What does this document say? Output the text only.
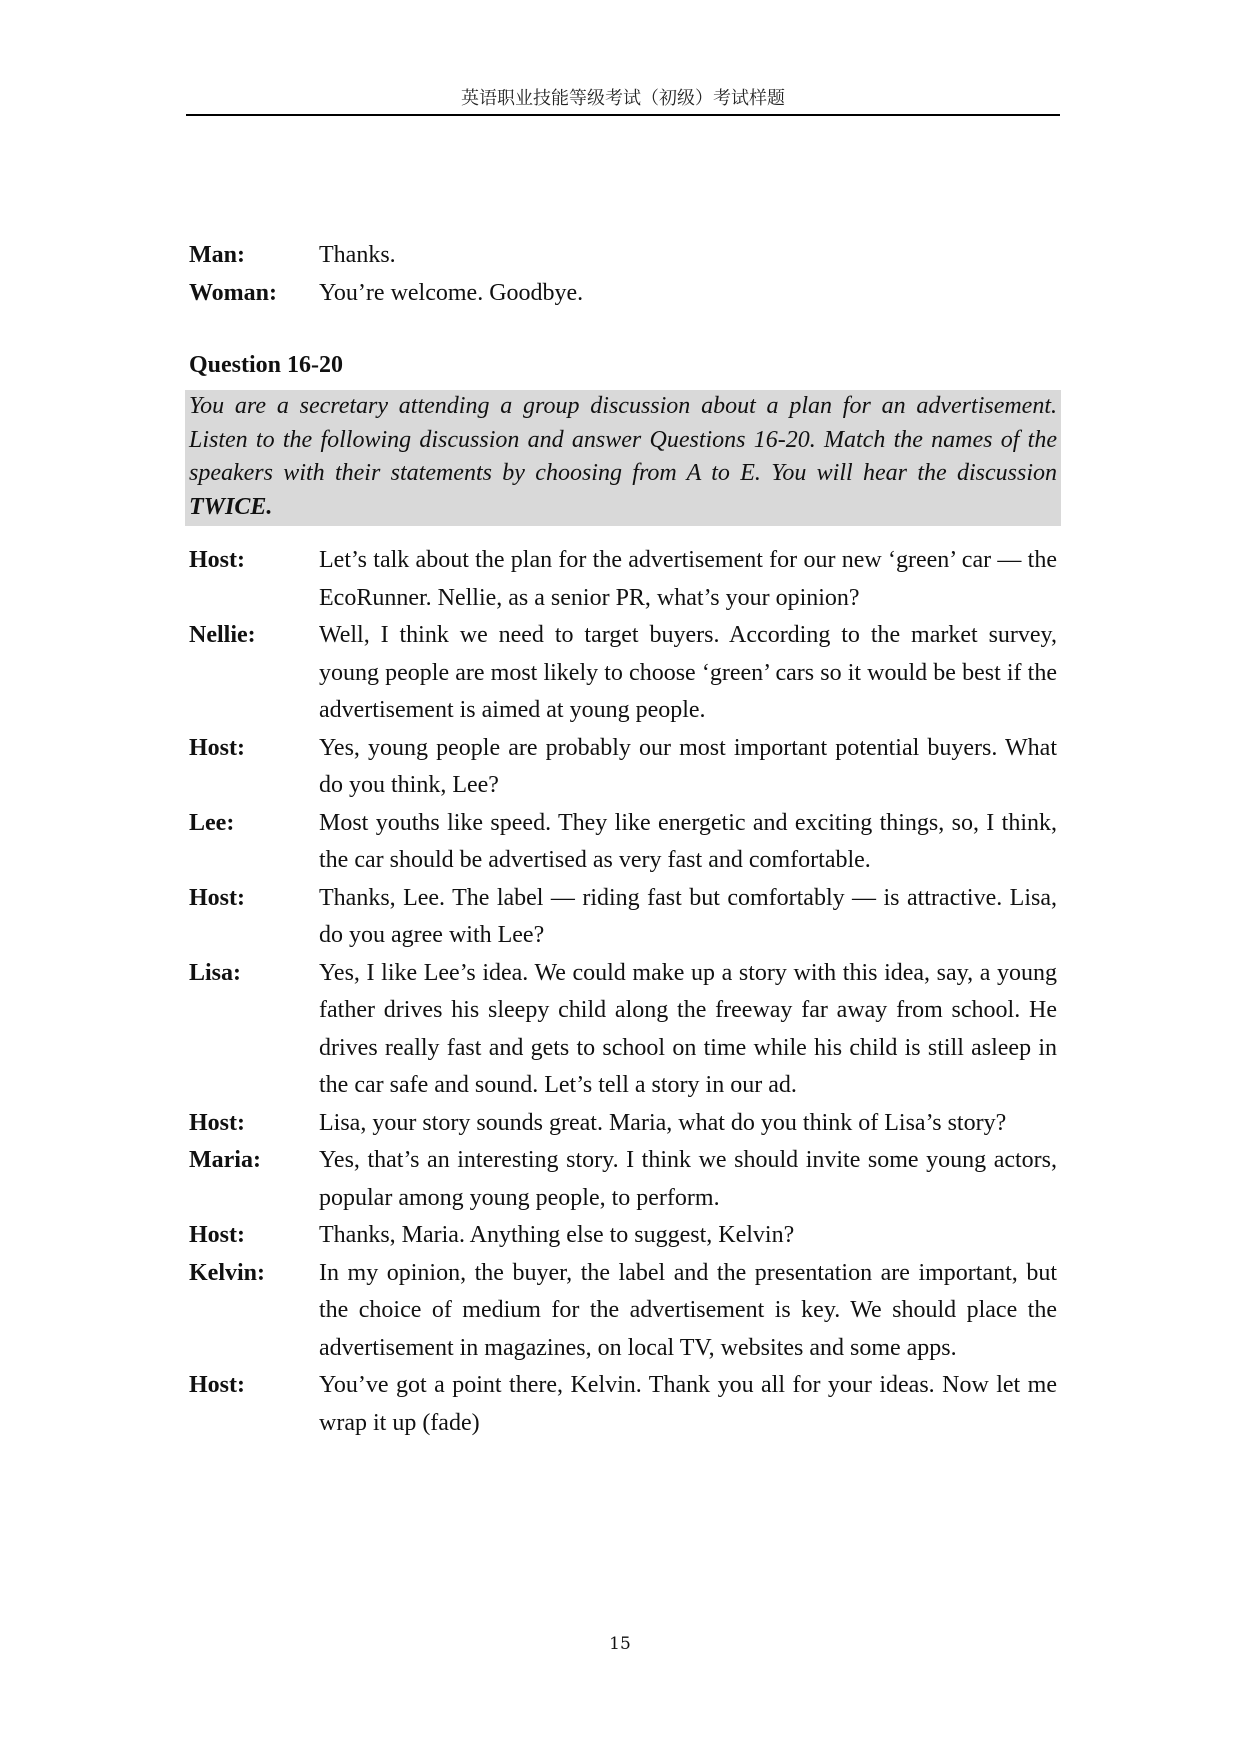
英语职业技能等级考试（初级）考试样题
Man:	Thanks.
Woman:	You’re welcome. Goodbye.
Question 16-20
You are a secretary attending a group discussion about a plan for an advertisement. Listen to the following discussion and answer Questions 16-20. Match the names of the speakers with their statements by choosing from A to E. You will hear the discussion TWICE.
Host:	Let’s talk about the plan for the advertisement for our new ‘green’ car — the EcoRunner. Nellie, as a senior PR, what’s your opinion?
Nellie:	Well, I think we need to target buyers. According to the market survey, young people are most likely to choose ‘green’ cars so it would be best if the advertisement is aimed at young people.
Host:	Yes, young people are probably our most important potential buyers. What do you think, Lee?
Lee:	Most youths like speed. They like energetic and exciting things, so, I think, the car should be advertised as very fast and comfortable.
Host:	Thanks, Lee. The label — riding fast but comfortably — is attractive. Lisa, do you agree with Lee?
Lisa:	Yes, I like Lee’s idea. We could make up a story with this idea, say, a young father drives his sleepy child along the freeway far away from school. He drives really fast and gets to school on time while his child is still asleep in the car safe and sound. Let’s tell a story in our ad.
Host:	Lisa, your story sounds great. Maria, what do you think of Lisa’s story?
Maria:	Yes, that’s an interesting story. I think we should invite some young actors, popular among young people, to perform.
Host:	Thanks, Maria. Anything else to suggest, Kelvin?
Kelvin:	In my opinion, the buyer, the label and the presentation are important, but the choice of medium for the advertisement is key. We should place the advertisement in magazines, on local TV, websites and some apps.
Host:	You’ve got a point there, Kelvin. Thank you all for your ideas. Now let me wrap it up (fade)
15
